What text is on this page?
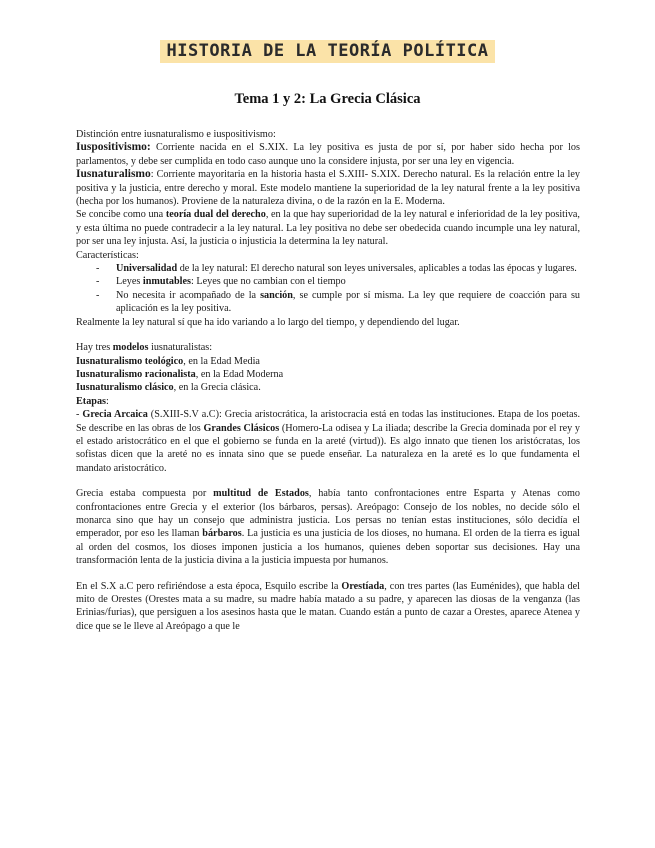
HISTORIA DE LA TEORÍA POLÍTICA
Tema 1 y 2: La Grecia Clásica

Distinción entre iusnaturalismo e iuspositivismo:

Iuspositivismo: Corriente nacida en el S.XIX. La ley positiva es justa de por sí, por haber sido hecha por los parlamentos, y debe ser cumplida en todo caso aunque uno la considere injusta, por ser una ley en vigencia.

Iusnaturalismo: Corriente mayoritaria en la historia hasta el S.XIII- S.XIX. Derecho natural. Es la relación entre la ley positiva y la justicia, entre derecho y moral. Este modelo mantiene la superioridad de la ley natural frente a la ley positiva (hecha por los humanos). Proviene de la naturaleza divina, o de la razón en la E. Moderna.

Se concibe como una teoría dual del derecho, en la que hay superioridad de la ley natural e inferioridad de la ley positiva, y esta última no puede contradecir a la ley natural. La ley positiva no debe ser obedecida cuando incumple una ley natural, por ser una ley injusta. Así, la justicia o injusticia la determina la ley natural.

Características:

- Universalidad de la ley natural: El derecho natural son leyes universales, aplicables a todas las épocas y lugares.
- Leyes inmutables: Leyes que no cambian con el tiempo
- No necesita ir acompañado de la sanción, se cumple por sí misma. La ley que requiere de coacción para su aplicación es la ley positiva.

Realmente la ley natural sí que ha ido variando a lo largo del tiempo, y dependiendo del lugar.

Hay tres modelos iusnaturalistas:

Iusnaturalismo teológico, en la Edad Media

Iusnaturalismo racionalista, en la Edad Moderna

Iusnaturalismo clásico, en la Grecia clásica.

Etapas:

- Grecia Arcaica (S.XIII-S.V a.C): Grecia aristocrática, la aristocracia está en todas las instituciones. Etapa de los poetas. Se describe en las obras de los Grandes Clásicos (Homero-La odisea y La iliada; describe la Grecia dominada por el rey y el estado aristocrático en el que el gobierno se funda en la areté (virtud)). Es algo innato que tienen los aristócratas, los sofistas dicen que la areté no es innata sino que se puede enseñar. La naturaleza en la areté es lo que fundamenta el mandato aristocrático.

Grecia estaba compuesta por multitud de Estados, había tanto confrontaciones entre Esparta y Atenas como confrontaciones entre Grecia y el exterior (los bárbaros, persas). Areópago: Consejo de los nobles, no decide sólo el monarca sino que hay un consejo que administra justicia. Los persas no tenían estas instituciones, sólo decidía el emperador, por eso les llaman bárbaros. La justicia es una justicia de los dioses, no humana. El orden de la tierra es igual al orden del cosmos, los dioses imponen justicia a los humanos, quienes deben soportar sus decisiones. Hay una transformación lenta de la justicia divina a la justicia impuesta por humanos.

En el S.X a.C pero refiriéndose a esta época, Esquilo escribe la Orestíada, con tres partes (las Euménides), que habla del mito de Orestes (Orestes mata a su madre, su madre había matado a su padre, y aparecen las diosas de la venganza (las Erinias/furias), que persiguen a los asesinos hasta que le matan. Cuando están a punto de cazar a Orestes, aparece Atenea y dice que se le lleve al Areópago a que le
